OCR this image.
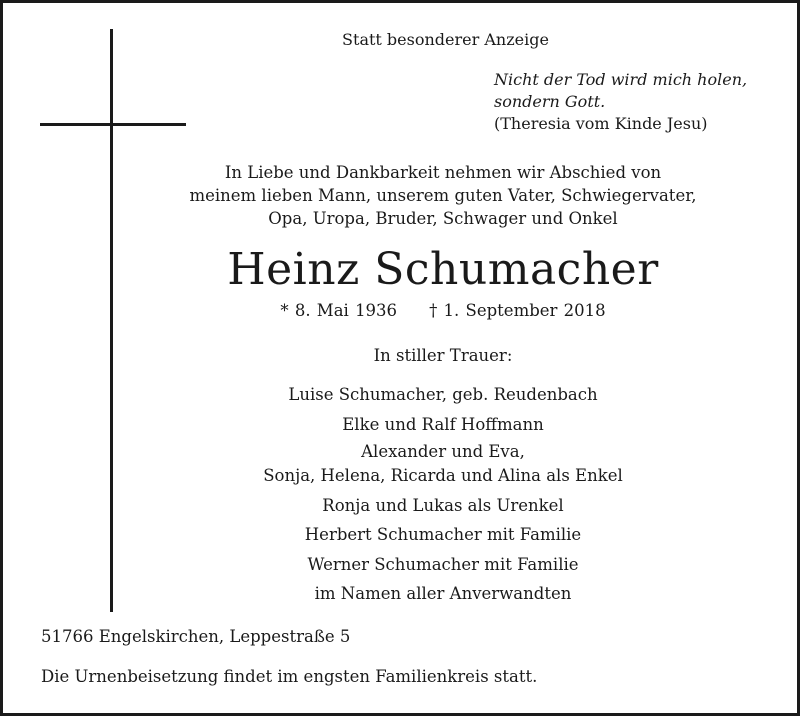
Statt besonderer Anzeige
Nicht der Tod wird mich holen,
sondern Gott.
(Theresia vom Kinde Jesu)
In Liebe und Dankbarkeit nehmen wir Abschied von
meinem lieben Mann, unserem guten Vater, Schwiegervater,
Opa, Uropa, Bruder, Schwager und Onkel
Heinz Schumacher
* 8. Mai 1936 † 1. September 2018
In stiller Trauer:
Luise Schumacher, geb. Reudenbach
Elke und Ralf Hoffmann
Alexander und Eva,
Sonja, Helena, Ricarda und Alina als Enkel
Ronja und Lukas als Urenkel
Herbert Schumacher mit Familie
Werner Schumacher mit Familie
im Namen aller Anverwandten
51766 Engelskirchen, Leppestraße 5
Die Urnenbeisetzung findet im engsten Familienkreis statt.
